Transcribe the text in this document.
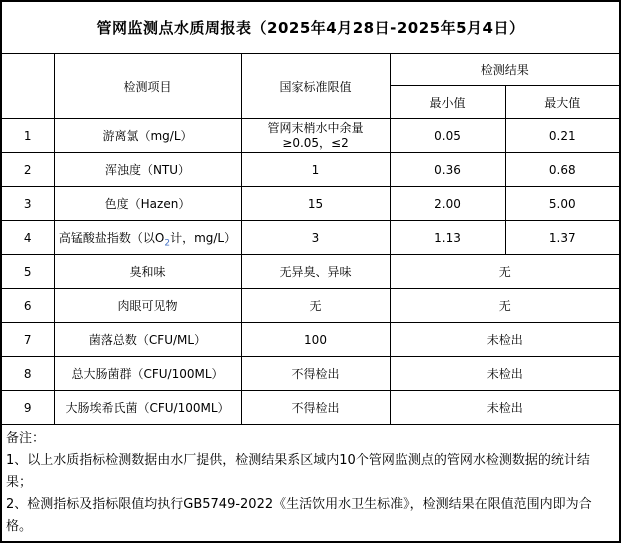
管网监测点水质周报表（2025年4月28日-2025年5月4日）				
	检测项目	国家标准限值	检测结果	
			最小值	最大值
1	游离氯（mg/L）	管网末梢水中余量≥0.05，≤2	0.05	0.21
2	浑浊度（NTU）	1	0.36	0.68
3	色度（Hazen）	15	2.00	5.00
4	高锰酸盐指数（以$O_2$计，mg/L）	3	1.13	1.37
5	臭和味	无异臭、异味	无	
6	肉眼可见物	无	无	
7	菌落总数（CFU/ML）	100	未检出	
8	总大肠菌群（CFU/100ML）	不得检出	未检出	
9	大肠埃希氏菌（CFU/100ML）	不得检出	未检出	

备注：

1、以上水质指标检测数据由水厂提供，检测结果系区域内10个管网监测点的管网水检测数据的统计结果；

2、检测指标及指标限值均执行GB5749-2022《生活饮用水卫生标准》，检测结果在限值范围内即为合格。				
